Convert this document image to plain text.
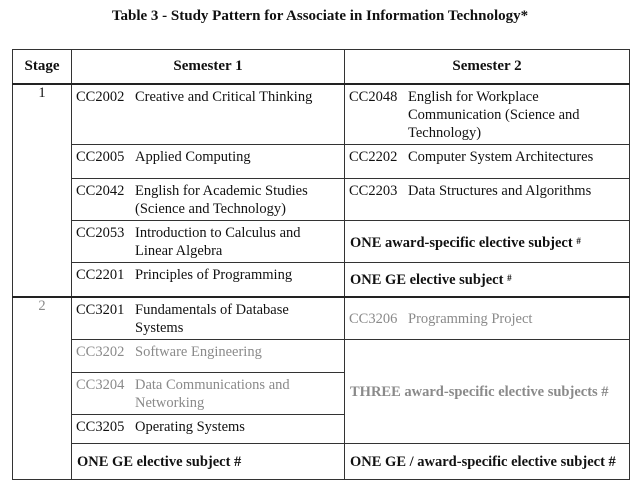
Table 3 - Study Pattern for Associate in Information Technology*
Stage	Semester 1	Semester 2
1	CC2002 Creative and Critical Thinking	CC2048 English for Workplace Communication (Science and Technology)

	CC2005 Applied Computing	CC2202 Computer System Architectures

	CC2042 English for Academic Studies (Science and Technology)	CC2203 Data Structures and Algorithms

	CC2053 Introduction to Calculus and Linear Algebra	ONE award-specific elective subject #

	CC2201 Principles of Programming	ONE GE elective subject #

2	CC3201 Fundamentals of Database Systems	CC3206 Programming Project

	CC3202 Software Engineering	THREE award-specific elective subjects #

	CC3204 Data Communications and Networking	

	CC3205 Operating Systems	

	ONE GE elective subject #	ONE GE / award-specific elective subject #
